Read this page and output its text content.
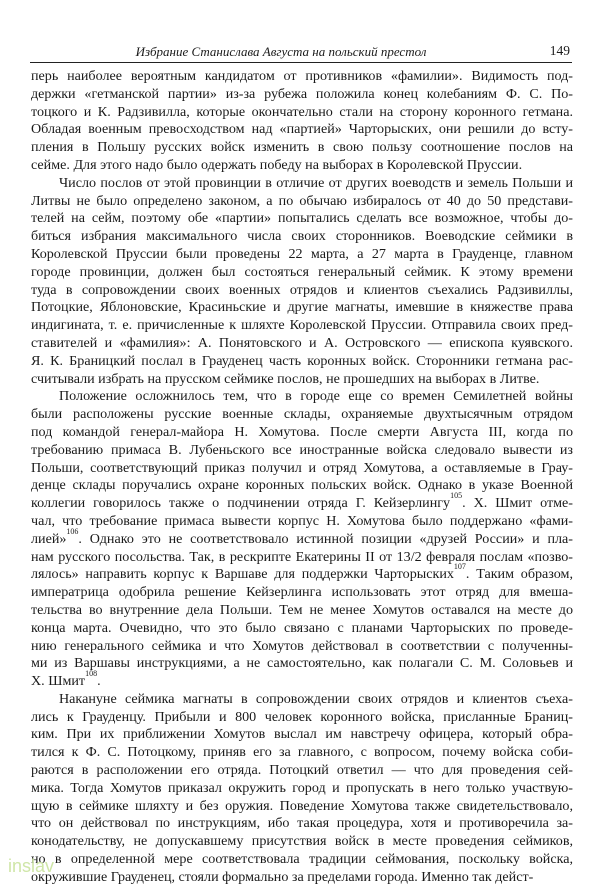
Избрание Станислава Августа на польский престол	149
перь наиболее вероятным кандидатом от противников «фамилии». Видимость под-
держки «гетманской партии» из-за рубежа положила конец колебаниям Ф. С. По-
тоцкого и К. Радзивилла, которые окончательно стали на сторону коронного гетмана.
Обладая военным превосходством над «партией» Чарторыских, они решили до всту-
пления в Польшу русских войск изменить в свою пользу соотношение послов на
сейме. Для этого надо было одержать победу на выборах в Королевской Пруссии.
Число послов от этой провинции в отличие от других воеводств и земель Польши и
Литвы не было определено законом, а по обычаю избиралось от 40 до 50 представи-
телей на сейм, поэтому обе «партии» попытались сделать все возможное, чтобы до-
биться избрания максимального числа своих сторонников. Воеводские сеймики в
Королевской Пруссии были проведены 22 марта, а 27 марта в Грауденце, главном
городе провинции, должен был состояться генеральный сеймик. К этому времени
туда в сопровождении своих военных отрядов и клиентов съехались Радзивиллы,
Потоцкие, Яблоновские, Красиньские и другие магнаты, имевшие в княжестве права
индигината, т. е. причисленные к шляхте Королевской Пруссии. Отправила своих пред-
ставителей и «фамилия»: А. Понятовского и А. Островского — епископа куявского.
Я. К. Браницкий послал в Грауденец часть коронных войск. Сторонники гетмана рас-
считывали избрать на прусском сеймике послов, не прошедших на выборах в Литве.
Положение осложнилось тем, что в городе еще со времен Семилетней войны
были расположены русские военные склады, охраняемые двухтысячным отрядом
под командой генерал-майора Н. Хомутова. После смерти Августа III, когда по
требованию примаса В. Лубеньского все иностранные войска следовало вывести из
Польши, соответствующий приказ получил и отряд Хомутова, а оставляемые в Грау-
денце склады поручались охране коронных польских войск. Однако в указе Военной
коллегии говорилось также о подчинении отряда Г. Кейзерлингу$^{105}$. Х. Шмит отме-
чал, что требование примаса вывести корпус Н. Хомутова было поддержано «фами-
лией»$^{106}$. Однако это не соответствовало истинной позиции «друзей России» и пла-
нам русского посольства. Так, в рескрипте Екатерины II от 13/2 февраля послам «позво-
лялось» направить корпус к Варшаве для поддержки Чарторыских$^{107}$. Таким образом,
императрица одобрила решение Кейзерлинга использовать этот отряд для вмеша-
тельства во внутренние дела Польши. Тем не менее Хомутов оставался на месте до
конца марта. Очевидно, что это было связано с планами Чарторыских по проведе-
нию генерального сеймика и что Хомутов действовал в соответствии с полученны-
ми из Варшавы инструкциями, а не самостоятельно, как полагали С. М. Соловьев и
Х. Шмит$^{108}$.
Накануне сеймика магнаты в сопровождении своих отрядов и клиентов съеха-
лись к Грауденцу. Прибыли и 800 человек коронного войска, присланные Браниц-
ким. При их приближении Хомутов выслал им навстречу офицера, который обра-
тился к Ф. С. Потоцкому, приняв его за главного, с вопросом, почему войска соби-
раются в расположении его отряда. Потоцкий ответил — что для проведения сей-
мика. Тогда Хомутов приказал окружить город и пропускать в него только участвую-
щую в сеймике шляхту и без оружия. Поведение Хомутова также свидетельствовало,
что он действовал по инструкциям, ибо такая процедура, хотя и противоречила за-
конодательству, не допускавшему присутствия войск в месте проведения сеймиков,
но в определенной мере соответствовала традиции сеймования, поскольку войска,
окружившие Грауденец, стояли формально за пределами города. Именно так дейст-
inslav
